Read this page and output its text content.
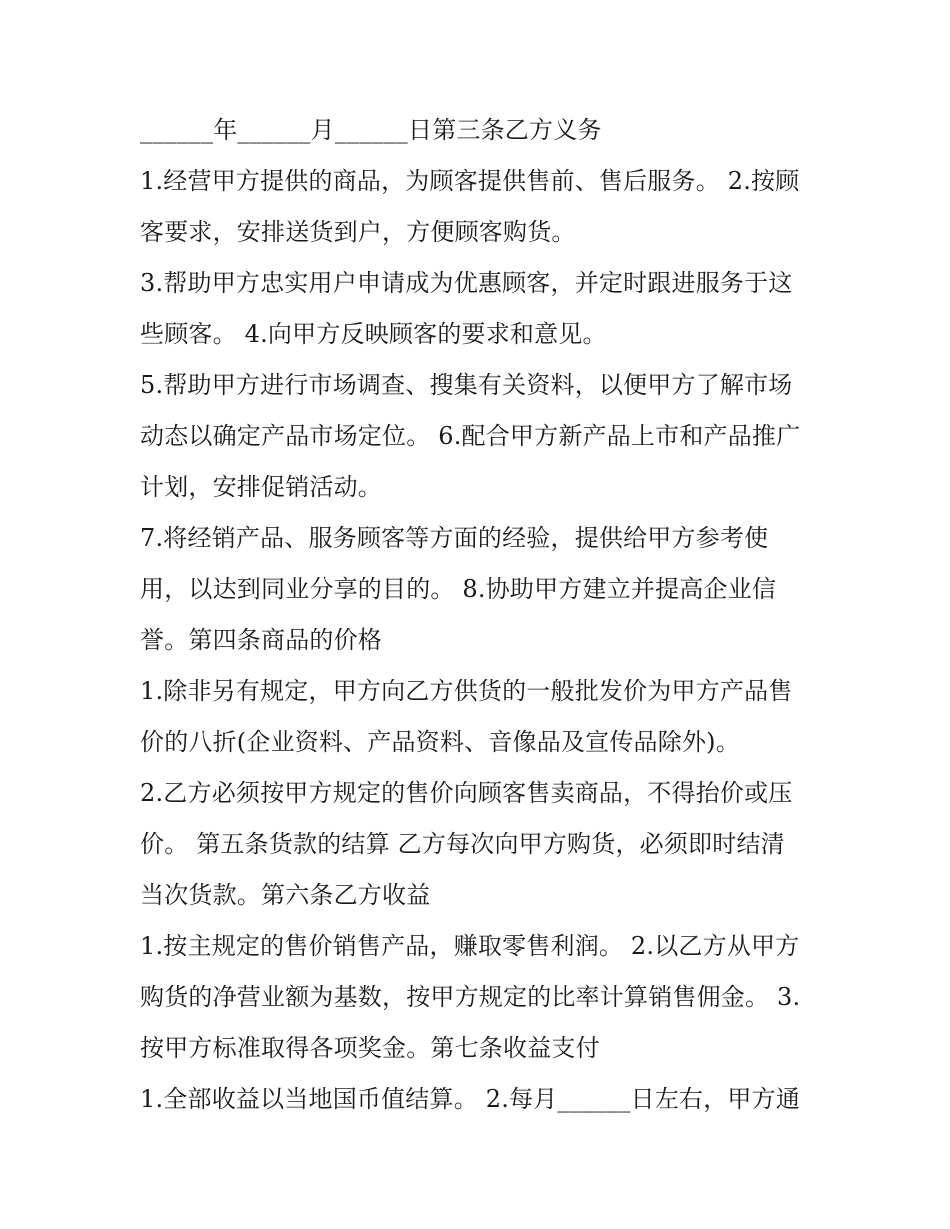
______年______月______日第三条乙方义务
1.经营甲方提供的商品，为顾客提供售前、售后服务。 2.按顾
客要求，安排送货到户，方便顾客购货。
3.帮助甲方忠实用户申请成为优惠顾客，并定时跟进服务于这
些顾客。 4.向甲方反映顾客的要求和意见。
5.帮助甲方进行市场调查、搜集有关资料，以便甲方了解市场
动态以确定产品市场定位。 6.配合甲方新产品上市和产品推广
计划，安排促销活动。
7.将经销产品、服务顾客等方面的经验，提供给甲方参考使
用，以达到同业分享的目的。 8.协助甲方建立并提高企业信
誉。第四条商品的价格
1.除非另有规定，甲方向乙方供货的一般批发价为甲方产品售
价的八折(企业资料、产品资料、音像品及宣传品除外)。
2.乙方必须按甲方规定的售价向顾客售卖商品，不得抬价或压
价。 第五条货款的结算 乙方每次向甲方购货，必须即时结清
当次货款。第六条乙方收益
1.按主规定的售价销售产品，赚取零售利润。 2.以乙方从甲方
购货的净营业额为基数，按甲方规定的比率计算销售佣金。 3.
按甲方标准取得各项奖金。第七条收益支付
1.全部收益以当地国币值结算。 2.每月______日左右，甲方通
